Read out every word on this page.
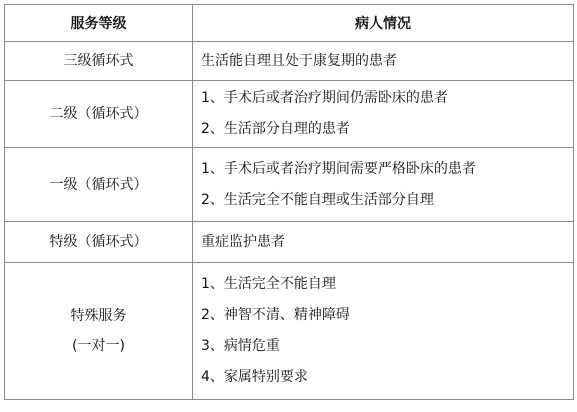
服务等级	病人情况

三级循环式	生活能自理且处于康复期的患者

二级（循环式）	1、手术后或者治疗期间仍需卧床的患者
2、生活部分自理的患者

一级（循环式）	1、手术后或者治疗期间需要严格卧床的患者
2、生活完全不能自理或生活部分自理

特级（循环式）	重症监护患者

特殊服务
(一对一)	1、生活完全不能自理
2、神智不清、精神障碍
3、病情危重
4、家属特别要求
